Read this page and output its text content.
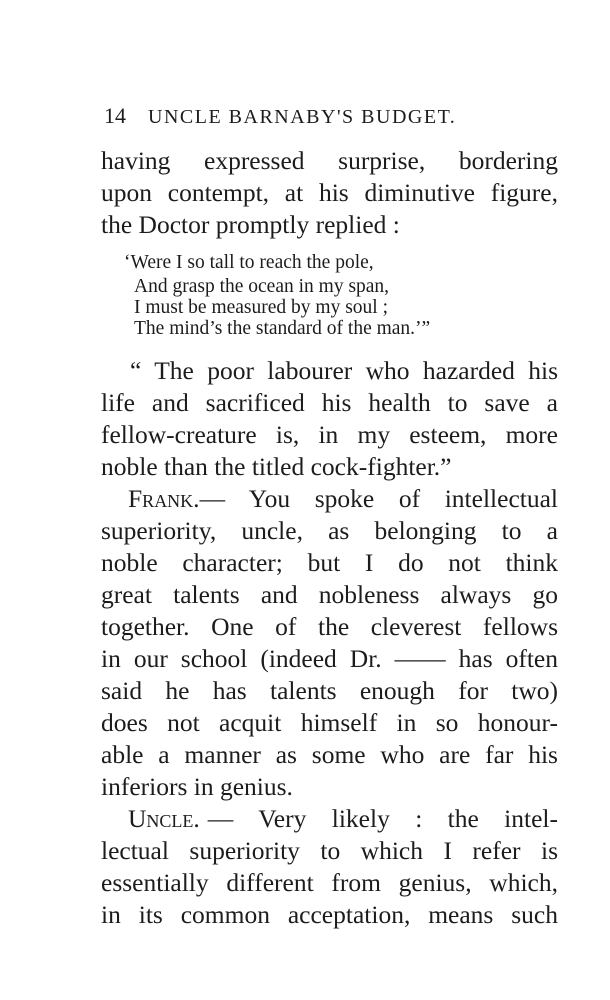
14 UNCLE BARNABY'S BUDGET.
having expressed surprise, bordering
upon contempt, at his diminutive figure,
the Doctor promptly replied :
‘Were I so tall to reach the pole,
And grasp the ocean in my span,
I must be measured by my soul ;
The mind’s the standard of the man.’”
“ The poor labourer who hazarded his
life and sacrificed his health to save a
fellow-creature is, in my esteem, more
noble than the titled cock-fighter.”
Frank. — You spoke of intellectual
superiority, uncle, as belonging to a
noble character; but I do not think
great talents and nobleness always go
together. One of the cleverest fellows
in our school (indeed Dr. —— has often
said he has talents enough for two)
does not acquit himself in so honour-
able a manner as some who are far his
inferiors in genius.
Uncle. — Very likely : the intel-
lectual superiority to which I refer is
essentially different from genius, which,
in its common acceptation, means such
